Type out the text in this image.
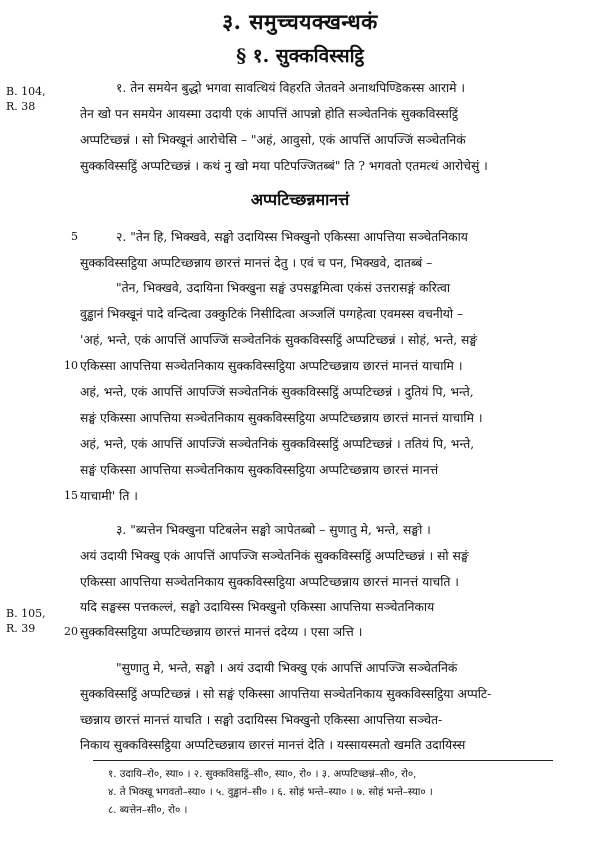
३. समुच्चयक्खन्धकं
§ १. सुक्कविस्सट्ठि
B. 104,
R. 38
B. 105,
R. 39
5
10
15
20
१. तेन समयेन बुद्धो भगवा सावत्थियं विहरति जेतवने अनाथपिण्डिकस्स आरामे ।
तेन खो पन समयेन आयस्मा उदायी एकं आपत्तिं आपन्नो होति सञ्चेतनिकं सुक्कविस्सट्ठिं
अप्पटिच्छन्नं । सो भिक्खूनं आरोचेसि – "अहं, आवुसो, एकं आपत्तिं आपज्जिं सञ्चेतनिकं
सुक्कविस्सट्ठिं अप्पटिच्छन्नं । कथं नु खो मया पटिपज्जितब्बं" ति ? भगवतो एतमत्थं आरोचेसुं ।
अप्पटिच्छन्नमानत्तं
२. "तेन हि, भिक्खवे, सङ्घो उदायिस्स भिक्खुनो एकिस्सा आपत्तिया सञ्चेतनिकाय
सुक्कविस्सट्ठिया अप्पटिच्छन्नाय छारत्तं मानत्तं देतु । एवं च पन, भिक्खवे, दातब्बं –
"तेन, भिक्खवे, उदायिना भिक्खुना सङ्घं उपसङ्कमित्वा एकंसं उत्तरासङ्गं करित्वा
वुड्ढानं भिक्खूनं पादे वन्दित्वा उक्कुटिकं निसीदित्वा अञ्जलिं पग्गहेत्वा एवमस्स वचनीयो –
'अहं, भन्ते, एकं आपत्तिं आपज्जिं सञ्चेतनिकं सुक्कविस्सट्ठिं अप्पटिच्छन्नं । सोहं, भन्ते, सङ्घं
एकिस्सा आपत्तिया सञ्चेतनिकाय सुक्कविस्सट्ठिया अप्पटिच्छन्नाय छारत्तं मानत्तं याचामि ।
अहं, भन्ते, एकं आपत्तिं आपज्जिं सञ्चेतनिकं सुक्कविस्सट्ठिं अप्पटिच्छन्नं । दुतियं पि, भन्ते,
सङ्घं एकिस्सा आपत्तिया सञ्चेतनिकाय सुक्कविस्सट्ठिया अप्पटिच्छन्नाय छारत्तं मानत्तं याचामि ।
अहं, भन्ते, एकं आपत्तिं आपज्जिं सञ्चेतनिकं सुक्कविस्सट्ठिं अप्पटिच्छन्नं । ततियं पि, भन्ते,
सङ्घं एकिस्सा आपत्तिया सञ्चेतनिकाय सुक्कविस्सट्ठिया अप्पटिच्छन्नाय छारत्तं मानत्तं
याचामी' ति ।
३. "ब्यत्तेन भिक्खुना पटिबलेन सङ्घो ञापेतब्बो – सुणातु मे, भन्ते, सङ्घो ।
अयं उदायी भिक्खु एकं आपत्तिं आपज्जि सञ्चेतनिकं सुक्कविस्सट्ठिं अप्पटिच्छन्नं । सो सङ्घं
एकिस्सा आपत्तिया सञ्चेतनिकाय सुक्कविस्सट्ठिया अप्पटिच्छन्नाय छारत्तं मानत्तं याचति ।
यदि सङ्घस्स पत्तकल्लं, सङ्घो उदायिस्स भिक्खुनो एकिस्सा आपत्तिया सञ्चेतनिकाय
सुक्कविस्सट्ठिया अप्पटिच्छन्नाय छारत्तं मानत्तं ददेय्य । एसा ञत्ति ।
"सुणातु मे, भन्ते, सङ्घो । अयं उदायी भिक्खु एकं आपत्तिं आपज्जि सञ्चेतनिकं
सुक्कविस्सट्ठिं अप्पटिच्छन्नं । सो सङ्घं एकिस्सा आपत्तिया सञ्चेतनिकाय सुक्कविस्सट्ठिया अप्पटि-
च्छन्नाय छारत्तं मानत्तं याचति । सङ्घो उदायिस्स भिक्खुनो एकिस्सा आपत्तिया सञ्चेत-
निकाय सुक्कविस्सट्ठिया अप्पटिच्छन्नाय छारत्तं मानत्तं देति । यस्सायस्मतो खमति उदायिस्स
१. उदायि–रो०, स्या० । २. सुक्कविसट्ठिं–सी०, स्या०, रो० । ३. अप्पटिच्छन्नं–सी०, रो०,
४. ते भिक्खू भगवतो–स्या० । ५. वुड्ढानं–सी० । ६. सोहं भन्ते–स्या० । ७. सोहं भन्ते–स्या० ।
८. ब्यत्तेन–सी०, रो० ।
